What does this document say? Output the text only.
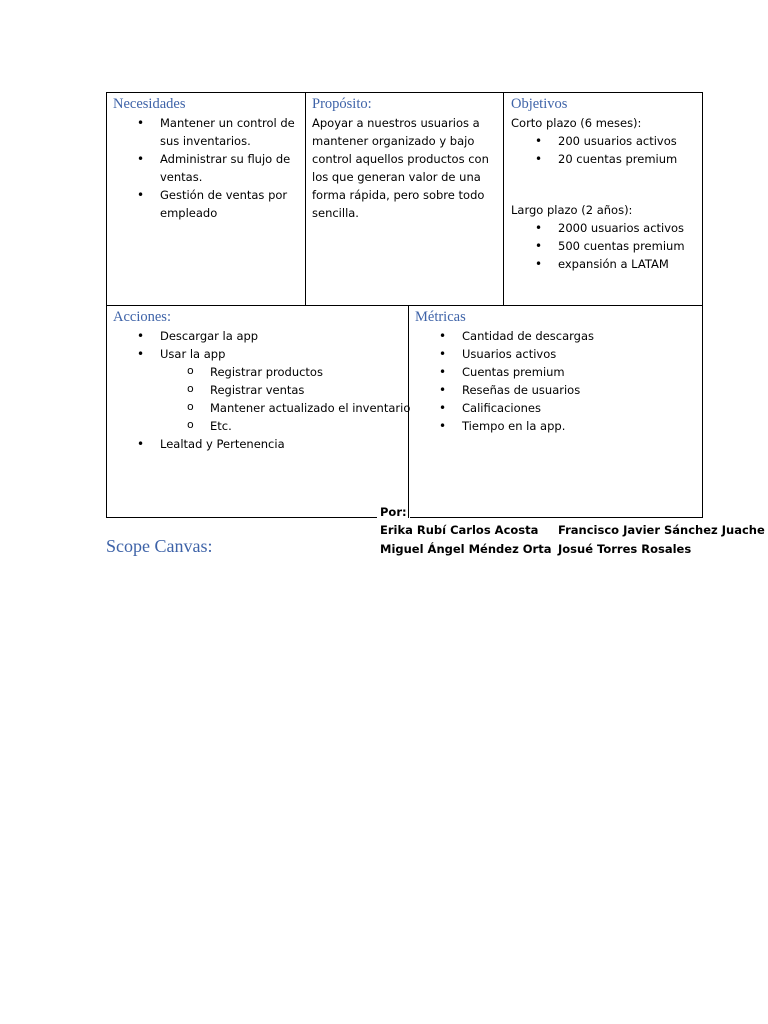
Necesidades
• Mantener un control de sus inventarios.
• Administrar su flujo de ventas.
• Gestión de ventas por empleado
Propósito:
Apoyar a nuestros usuarios a mantener organizado y bajo control aquellos productos con los que generan valor de una forma rápida, pero sobre todo sencilla.
Objetivos
Corto plazo (6 meses):
• 200 usuarios activos
• 20 cuentas premium
Largo plazo (2 años):
• 2000 usuarios activos
• 500 cuentas premium
• expansión a LATAM
Acciones:
• Descargar la app
• Usar la app
o Registrar productos
o Registrar ventas
o Mantener actualizado el inventario
o Etc.
• Lealtad y Pertenencia
Métricas
• Cantidad de descargas
• Usuarios activos
• Cuentas premium
• Reseñas de usuarios
• Calificaciones
• Tiempo en la app.
Scope Canvas:
Por:
Erika Rubí Carlos Acosta Francisco Javier Sánchez Juache
Miguel Ángel Méndez Orta Josué Torres Rosales
